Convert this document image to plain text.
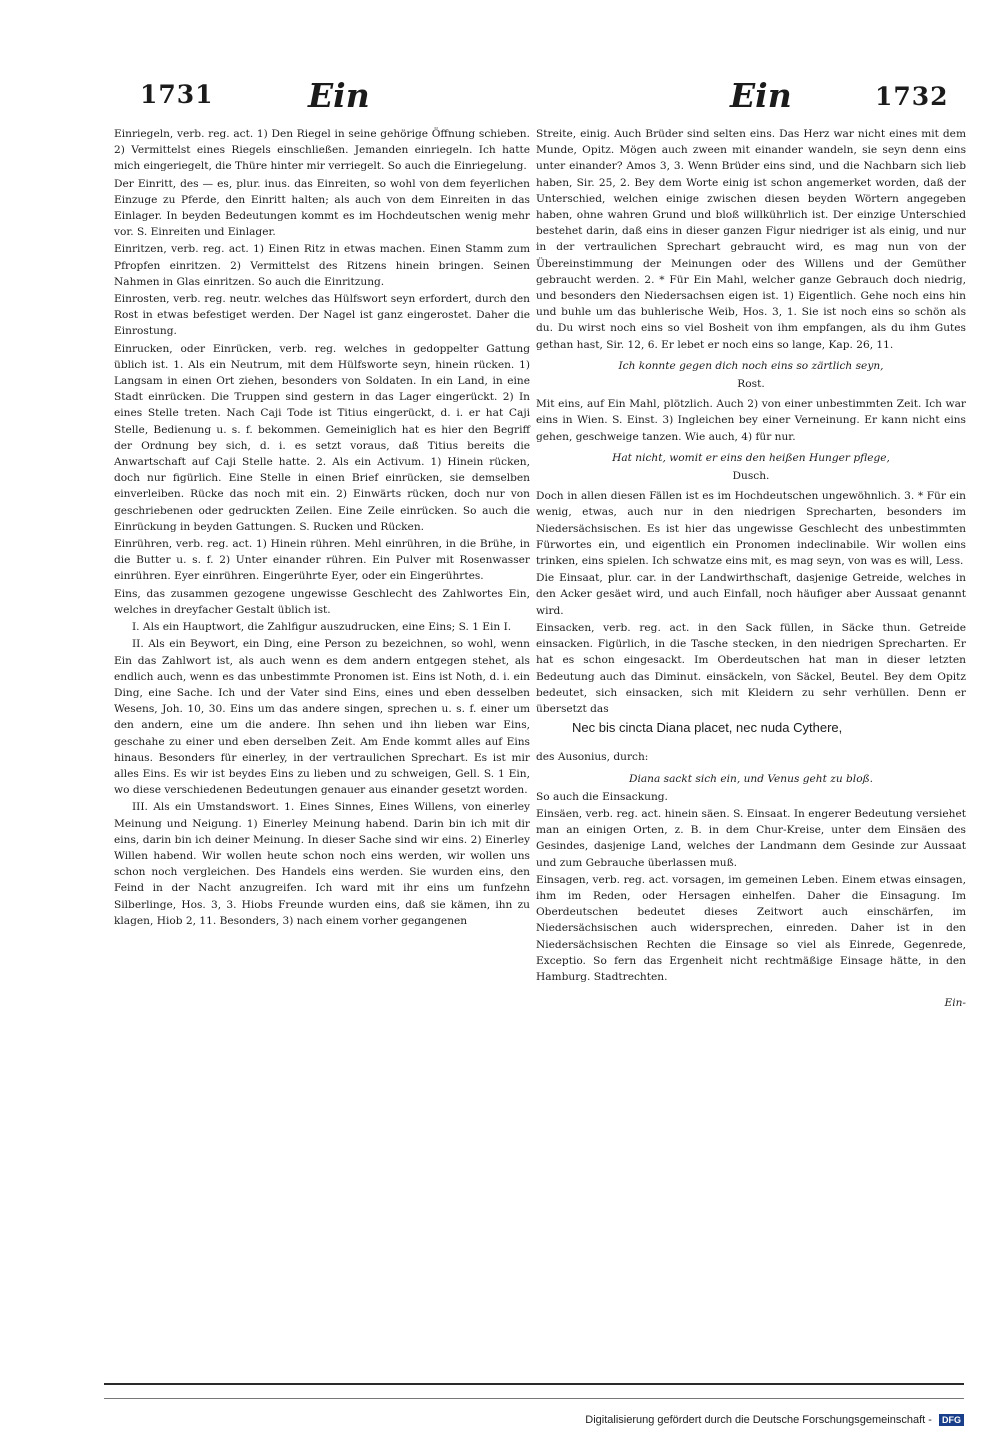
1731	Ein	Ein	1732

Einriegeln, verb. reg. act. 1) Den Riegel in seine gehörige Öffnung schieben. 2) Vermittelst eines Riegels einschließen. Jemanden einriegeln. Ich hatte mich eingeriegelt, die Thüre hinter mir verriegelt. So auch die Einriegelung.

Der Einritt, des — es, plur. inus. das Einreiten, so wohl von dem feyerlichen Einzuge zu Pferde, den Einritt halten; als auch von dem Einreiten in das Einlager. In beyden Bedeutungen kommt es im Hochdeutschen wenig mehr vor. S. Einreiten und Einlager.

Einritzen, verb. reg. act. 1) Einen Ritz in etwas machen. Einen Stamm zum Pfropfen einritzen. 2) Vermittelst des Ritzens hinein bringen. Seinen Nahmen in Glas einritzen. So auch die Einritzung.

Einrosten, verb. reg. neutr. welches das Hülfswort seyn erfordert, durch den Rost in etwas befestiget werden. Der Nagel ist ganz eingerostet. Daher die Einrostung.

Einrucken, oder Einrücken, verb. reg. welches in gedoppelter Gattung üblich ist. 1. Als ein Neutrum, mit dem Hülfsworte seyn, hinein rücken. 1) Langsam in einen Ort ziehen, besonders von Soldaten. In ein Land, in eine Stadt einrücken. Die Truppen sind gestern in das Lager eingerückt. 2) In eines Stelle treten. Nach Caji Tode ist Titius eingerückt, d. i. er hat Caji Stelle, Bedienung u. s. f. bekommen. Gemeiniglich hat es hier den Begriff der Ordnung bey sich, d. i. es setzt voraus, daß Titius bereits die Anwartschaft auf Caji Stelle hatte. 2. Als ein Activum. 1) Hinein rücken, doch nur figürlich. Eine Stelle in einen Brief einrücken, sie demselben einverleiben. Rücke das noch mit ein. 2) Einwärts rücken, doch nur von geschriebenen oder gedruckten Zeilen. Eine Zeile einrücken. So auch die Einrückung in beyden Gattungen. S. Rucken und Rücken.

Einrühren, verb. reg. act. 1) Hinein rühren. Mehl einrühren, in die Brühe, in die Butter u. s. f. 2) Unter einander rühren. Ein Pulver mit Rosenwasser einrühren. Eyer einrühren. Eingerührte Eyer, oder ein Eingerührtes.

Eins, das zusammen gezogene ungewisse Geschlecht des Zahlwortes Ein, welches in dreyfacher Gestalt üblich ist.

I. Als ein Hauptwort, die Zahlfigur auszudrucken, eine Eins; S. 1 Ein I.

II. Als ein Beywort, ein Ding, eine Person zu bezeichnen, so wohl, wenn Ein das Zahlwort ist, als auch wenn es dem andern entgegen stehet, als endlich auch, wenn es das unbestimmte Pronomen ist. Eins ist Noth, d. i. ein Ding, eine Sache. Ich und der Vater sind Eins, eines und eben desselben Wesens, Joh. 10, 30. Eins um das andere singen, sprechen u. s. f. einer um den andern, eine um die andere. Ihn sehen und ihn lieben war Eins, geschahe zu einer und eben derselben Zeit. Am Ende kommt alles auf Eins hinaus. Besonders für einerley, in der vertraulichen Sprechart. Es ist mir alles Eins. Es wir ist beydes Eins zu lieben und zu schweigen, Gell. S. 1 Ein, wo diese verschiedenen Bedeutungen genauer aus einander gesetzt worden.

III. Als ein Umstandswort. 1. Eines Sinnes, Eines Willens, von einerley Meinung und Neigung. 1) Einerley Meinung habend. Darin bin ich mit dir eins, darin bin ich deiner Meinung. In dieser Sache sind wir eins. 2) Einerley Willen habend. Wir wollen heute schon noch eins werden, wir wollen uns schon noch vergleichen. Des Handels eins werden. Sie wurden eins, den Feind in der Nacht anzugreifen. Ich ward mit ihr eins um funfzehn Silberlinge, Hos. 3, 3. Hiobs Freunde wurden eins, daß sie kämen, ihn zu klagen, Hiob 2, 11. Besonders, 3) nach einem vorher gegangenen

Streite, einig. Auch Brüder sind selten eins. Das Herz war nicht eines mit dem Munde, Opitz. Mögen auch zween mit einander wandeln, sie seyn denn eins unter einander? Amos 3, 3. Wenn Brüder eins sind, und die Nachbarn sich lieb haben, Sir. 25, 2. Bey dem Worte einig ist schon angemerket worden, daß der Unterschied, welchen einige zwischen diesen beyden Wörtern angegeben haben, ohne wahren Grund und bloß willkührlich ist. Der einzige Unterschied bestehet darin, daß eins in dieser ganzen Figur niedriger ist als einig, und nur in der vertraulichen Sprechart gebraucht wird, es mag nun von der Übereinstimmung der Meinungen oder des Willens und der Gemüther gebraucht werden. 2. * Für Ein Mahl, welcher ganze Gebrauch doch niedrig, und besonders den Niedersachsen eigen ist. 1) Eigentlich. Gehe noch eins hin und buhle um das buhlerische Weib, Hos. 3, 1. Sie ist noch eins so schön als du. Du wirst noch eins so viel Bosheit von ihm empfangen, als du ihm Gutes gethan hast, Sir. 12, 6. Er lebet er noch eins so lange, Kap. 26, 11.

Ich konnte gegen dich noch eins so zärtlich seyn,

Rost.

Mit eins, auf Ein Mahl, plötzlich. Auch 2) von einer unbestimmten Zeit. Ich war eins in Wien. S. Einst. 3) Ingleichen bey einer Verneinung. Er kann nicht eins gehen, geschweige tanzen. Wie auch, 4) für nur.

Hat nicht, womit er eins den heißen Hunger pflege,

Dusch.

Doch in allen diesen Fällen ist es im Hochdeutschen ungewöhnlich. 3. * Für ein wenig, etwas, auch nur in den niedrigen Sprecharten, besonders im Niedersächsischen. Es ist hier das ungewisse Geschlecht des unbestimmten Fürwortes ein, und eigentlich ein Pronomen indeclinabile. Wir wollen eins trinken, eins spielen. Ich schwatze eins mit, es mag seyn, von was es will, Less.

Die Einsaat, plur. car. in der Landwirthschaft, dasjenige Getreide, welches in den Acker gesäet wird, und auch Einfall, noch häufiger aber Aussaat genannt wird.

Einsacken, verb. reg. act. in den Sack füllen, in Säcke thun. Getreide einsacken. Figürlich, in die Tasche stecken, in den niedrigen Sprecharten. Er hat es schon eingesackt. Im Oberdeutschen hat man in dieser letzten Bedeutung auch das Diminut. einsäckeln, von Säckel, Beutel. Bey dem Opitz bedeutet, sich einsacken, sich mit Kleidern zu sehr verhüllen. Denn er übersetzt das

Nec bis cincta Diana placet, nec nuda Cythere,

des Ausonius, durch:

Diana sackt sich ein, und Venus geht zu bloß.

So auch die Einsackung.

Einsäen, verb. reg. act. hinein säen. S. Einsaat. In engerer Bedeutung versiehet man an einigen Orten, z. B. in dem Chur-Kreise, unter dem Einsäen des Gesindes, dasjenige Land, welches der Landmann dem Gesinde zur Aussaat und zum Gebrauche überlassen muß.

Einsagen, verb. reg. act. vorsagen, im gemeinen Leben. Einem etwas einsagen, ihm im Reden, oder Hersagen einhelfen. Daher die Einsagung. Im Oberdeutschen bedeutet dieses Zeitwort auch einschärfen, im Niedersächsischen auch widersprechen, einreden. Daher ist in den Niedersächsischen Rechten die Einsage so viel als Einrede, Gegenrede, Exceptio. So fern das Ergenheit nicht rechtmäßige Einsage hätte, in den Hamburg. Stadtrechten.

Ein-

Digitalisierung gefördert durch die Deutsche Forschungsgemeinschaft - DFG
